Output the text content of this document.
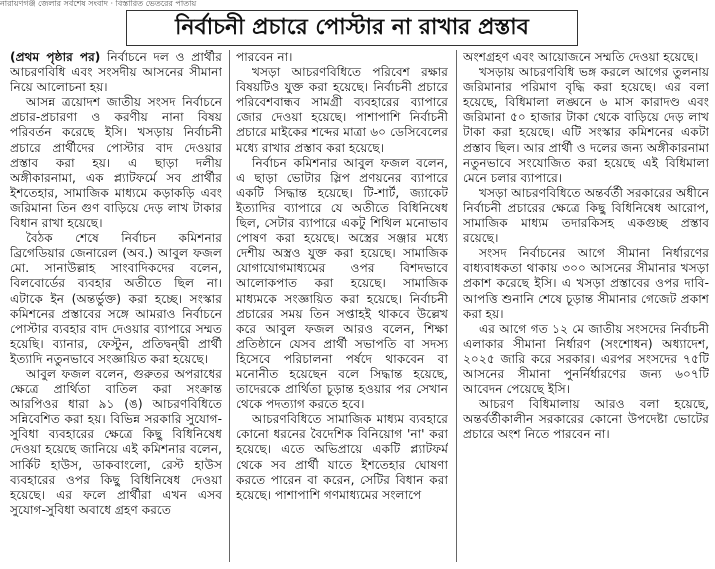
নারায়ণগঞ্জ জেলার সর্বশেষ সংবাদ · বিস্তারিত ভেতরের পাতায়
নির্বাচনী প্রচারে পোস্টার না রাখার প্রস্তাব

(প্রথম পৃষ্ঠার পর) নির্বাচনে দল ও প্রার্থীর আচরণবিধি এবং সংসদীয় আসনের সীমানা নিয়ে আলোচনা হয়।

আসন্ন ত্রয়োদশ জাতীয় সংসদ নির্বাচনে প্রচার-প্রচারণা ও করণীয় নানা বিষয় পরিবর্তন করেছে ইসি। খসড়ায় নির্বাচনী প্রচারে প্রার্থীদের পোস্টার বাদ দেওয়ার প্রস্তাব করা হয়। এ ছাড়া দলীয় অঙ্গীকারনামা, এক প্ল্যাটফর্মে সব প্রার্থীর ইশতেহার, সামাজিক মাধ্যমে কড়াকড়ি এবং জরিমানা তিন গুণ বাড়িয়ে দেড় লাখ টাকার বিধান রাখা হয়েছে।

বৈঠক শেষে নির্বাচন কমিশনার ব্রিগেডিয়ার জেনারেল (অব.) আবুল ফজল মো. সানাউল্লাহ সাংবাদিকদের বলেন, বিলবোর্ডের ব্যবহার অতীতে ছিল না। এটাকে ইন (অন্তর্ভুক্ত) করা হচ্ছে। সংস্কার কমিশনের প্রস্তাবের সঙ্গে আমরাও নির্বাচনে পোস্টার ব্যবহার বাদ দেওয়ার ব্যাপারে সম্মত হয়েছি। ব্যানার, ফেস্টুন, প্রতিদ্বন্দ্বী প্রার্থী ইত্যাদি নতুনভাবে সংজ্ঞায়িত করা হয়েছে।

আবুল ফজল বলেন, গুরুতর অপরাধের ক্ষেত্রে প্রার্থিতা বাতিল করা সংক্রান্ত আরপিওর ধারা ৯১ (ঙ) আচরণবিধিতে সন্নিবেশিত করা হয়। বিভিন্ন সরকারি সুযোগ-সুবিধা ব্যবহারের ক্ষেত্রে কিছু বিধিনিষেধ দেওয়া হয়েছে জানিয়ে এই কমিশনার বলেন, সার্কিট হাউস, ডাকবাংলো, রেস্ট হাউস ব্যবহারের ওপর কিছু বিধিনিষেধ দেওয়া হয়েছে। এর ফলে প্রার্থীরা এখন এসব সুযোগ-সুবিধা অবাধে গ্রহণ করতে

পারবেন না।

খসড়া আচরণবিধিতে পরিবেশ রক্ষার বিষয়টিও যুক্ত করা হয়েছে। নির্বাচনী প্রচারে পরিবেশবান্ধব সামগ্রী ব্যবহারের ব্যাপারে জোর দেওয়া হয়েছে। পাশাপাশি নির্বাচনী প্রচারে মাইকের শব্দের মাত্রা ৬০ ডেসিবেলের মধ্যে রাখার প্রস্তাব করা হয়েছে।

নির্বাচন কমিশনার আবুল ফজল বলেন, এ ছাড়া ভোটার স্লিপ প্রণয়নের ব্যাপারে একটি সিদ্ধান্ত হয়েছে। টি-শার্ট, জ্যাকেট ইত্যাদির ব্যাপারে যে অতীতে বিধিনিষেধ ছিল, সেটার ব্যাপারে একটু শিথিল মনোভাব পোষণ করা হয়েছে। অস্ত্রের সঞ্জার মধ্যে দেশীয় অস্ত্রও যুক্ত করা হয়েছে। সামাজিক যোগাযোগমাধ্যমের ওপর বিশদভাবে আলোকপাত করা হয়েছে। সামাজিক মাধ্যমকে সংজ্ঞায়িত করা হয়েছে। নির্বাচনী প্রচারের সময় তিন সপ্তাহই থাকবে উল্লেখ করে আবুল ফজল আরও বলেন, শিক্ষা প্রতিষ্ঠানে যেসব প্রার্থী সভাপতি বা সদস্য হিসেবে পরিচালনা পর্ষদে থাকবেন বা মনোনীত হয়েছেন বলে সিদ্ধান্ত হয়েছে, তাদেরকে প্রার্থিতা চূড়ান্ত হওয়ার পর সেখান থেকে পদত্যাগ করতে হবে।

আচরণবিধিতে সামাজিক মাধ্যম ব্যবহারে কোনো ধরনের বৈদেশিক বিনিয়োগ 'না' করা হয়েছে। এতে অভিপ্রায়ে একটি প্ল্যাটফর্ম থেকে সব প্রার্থী যাতে ইশতেহার ঘোষণা করতে পারেন বা করেন, সেটির বিধান করা হয়েছে। পাশাপাশি গণমাধ্যমের সংলাপে

অংশগ্রহণ এবং আয়োজনে সম্মতি দেওয়া হয়েছে।

খসড়ায় আচরণবিধি ভঙ্গ করলে আগের তুলনায় জরিমানার পরিমাণ বৃদ্ধি করা হয়েছে। এর বলা হয়েছে, বিধিমালা লঙ্ঘনে ৬ মাস কারাদণ্ড এবং জরিমানা ৫০ হাজার টাকা থেকে বাড়িয়ে দেড় লাখ টাকা করা হয়েছে। এটি সংস্কার কমিশনের একটা প্রস্তাব ছিল। আর প্রার্থী ও দলের জন্য অঙ্গীকারনামা নতুনভাবে সংযোজিত করা হয়েছে এই বিধিমালা মেনে চলার ব্যাপারে।

খসড়া আচরণবিধিতে অন্তর্বর্তী সরকারের অধীনে নির্বাচনী প্রচারের ক্ষেত্রে কিছু বিধিনিষেধ আরোপ, সামাজিক মাধ্যম তদারকিসহ একগুচ্ছ প্রস্তাব রয়েছে।

সংসদ নির্বাচনের আগে সীমানা নির্ধারণের বাধ্যবাধকতা থাকায় ৩০০ আসনের সীমানার খসড়া প্রকাশ করেছে ইসি। এ খসড়া প্রস্তাবের ওপর দাবি-আপত্তি শুনানি শেষে চূড়ান্ত সীমানার গেজেট প্রকাশ করা হয়।

এর আগে গত ১২ মে জাতীয় সংসদের নির্বাচনী এলাকার সীমানা নির্ধারণ (সংশোধন) অধ্যাদেশ, ২০২৫ জারি করে সরকার। এরপর সংসদের ৭৫টি আসনের সীমানা পুনর্নির্ধারণের জন্য ৬০৭টি আবেদন পেয়েছে ইসি।

আচরণ বিধিমালায় আরও বলা হয়েছে, অন্তর্বর্তীকালীন সরকারের কোনো উপদেষ্টা ভোটের প্রচারে অংশ নিতে পারবেন না।
